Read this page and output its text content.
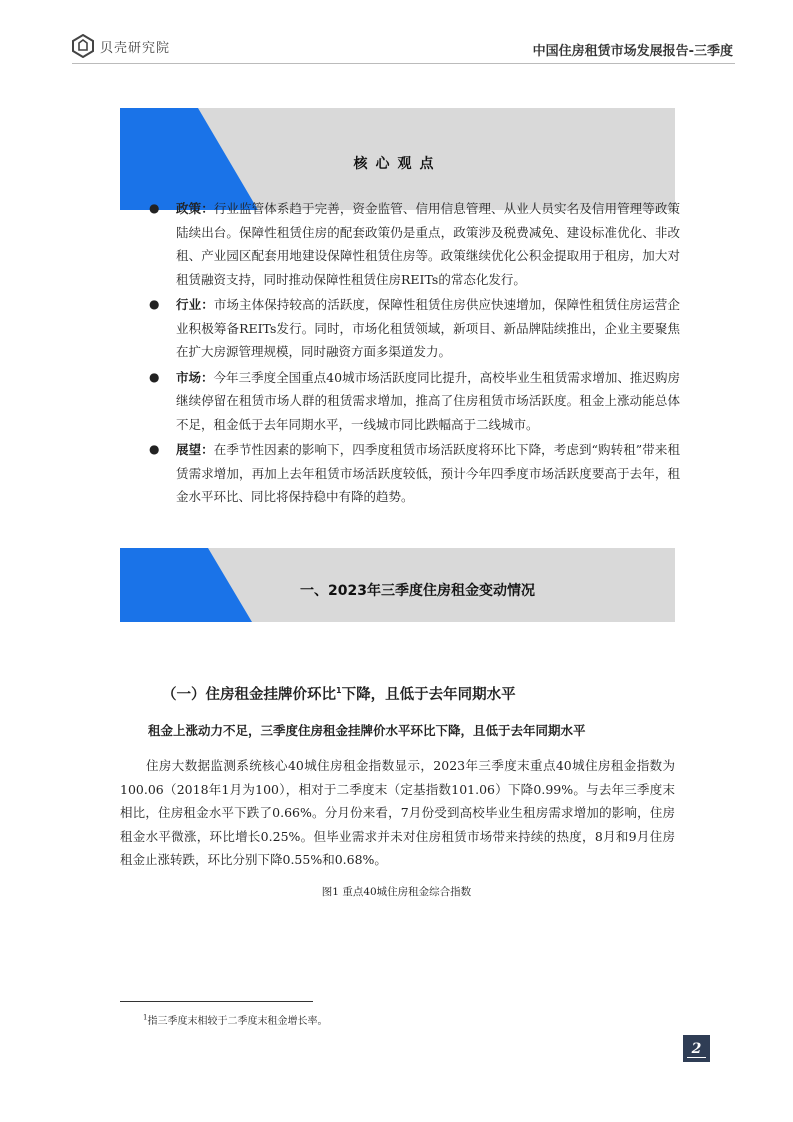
贝壳研究院	中国住房租赁市场发展报告-三季度
核心观点
● 政策：行业监管体系趋于完善，资金监管、信用信息管理、从业人员实名及信用管理等政策陆续出台。保障性租赁住房的配套政策仍是重点，政策涉及税费减免、建设标准优化、非改租、产业园区配套用地建设保障性租赁住房等。政策继续优化公积金提取用于租房，加大对租赁融资支持，同时推动保障性租赁住房REITs的常态化发行。
● 行业：市场主体保持较高的活跃度，保障性租赁住房供应快速增加，保障性租赁住房运营企业积极筹备REITs发行。同时，市场化租赁领域，新项目、新品牌陆续推出，企业主要聚焦在扩大房源管理规模，同时融资方面多渠道发力。
● 市场：今年三季度全国重点40城市场活跃度同比提升，高校毕业生租赁需求增加、推迟购房继续停留在租赁市场人群的租赁需求增加，推高了住房租赁市场活跃度。租金上涨动能总体不足，租金低于去年同期水平，一线城市同比跌幅高于二线城市。
● 展望：在季节性因素的影响下，四季度租赁市场活跃度将环比下降，考虑到“购转租”带来租赁需求增加，再加上去年租赁市场活跃度较低，预计今年四季度市场活跃度要高于去年，租金水平环比、同比将保持稳中有降的趋势。
一、2023年三季度住房租金变动情况
（一）住房租金挂牌价环比$^1$下降，且低于去年同期水平
租金上涨动力不足，三季度住房租金挂牌价水平环比下降，且低于去年同期水平
住房大数据监测系统核心40城住房租金指数显示，2023年三季度末重点40城住房租金指数为100.06（2018年1月为100），相对于二季度末（定基指数101.06）下降0.99%。与去年三季度末相比，住房租金水平下跌了0.66%。分月份来看，7月份受到高校毕业生租房需求增加的影响，住房租金水平微涨，环比增长0.25%。但毕业需求并未对住房租赁市场带来持续的热度，8月和9月住房租金止涨转跌，环比分别下降0.55%和0.68%。
图1 重点40城住房租金综合指数
$^1$指三季度末相较于二季度末租金增长率。
2
